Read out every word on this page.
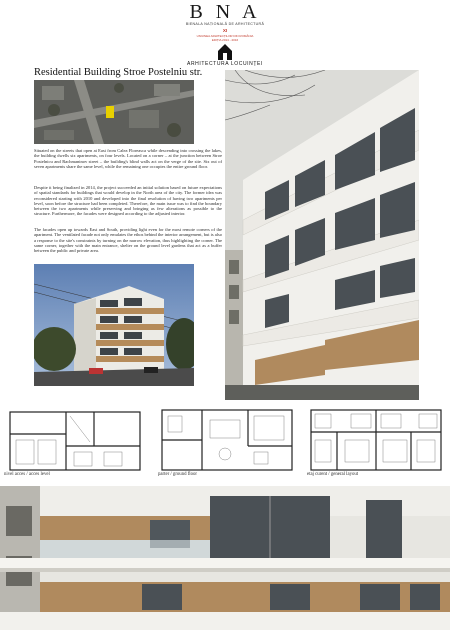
B N A
BIENALA NAȚIONALĂ DE ARHITECTURĂ
XI
UNIUNEA ARHITECȚILOR DIN ROMÂNIA
EDIȚIA 2014 - 2016
ARHITECTURA LOCUINȚEI
Residential Building Stroe Postelniu str.
Situated on the streets that open at East from Calea Floreasca while descending into crossing the lakes, the building dwells six apartments, on four levels. Located on a corner – at the junction between Stroe Postelnicu and Rachmaninov street – the building's blind walls act on the verge of the site. Six out of seven apartments share the same level, while the remaining one occupies the entire ground floor.
Despite it being finalized in 2014, the project succeeded an initial solution based on future expectations of spatial standards for buildings that would develop in the North area of the city. The former idea was reconsidered starting with 2010 and developed into the final resolution of having two apartments per level, soon before the structure had been completed. Therefore, the main issue was to find the boundary between the two apartments while preserving and bringing as few alterations as possible to the structure. Furthermore, the facades were designed according to the adjusted interior.
The facades open up towards East and South, providing light even for the most remote corners of the apartment. The ventilated facade not only emulates the ethos behind the interior arrangement, but is also a response to the site's constraints by turning on the narrow elevation, thus highlighting the corner. The same corner, together with the main entrance, shelter on the ground level gardens that act as a buffer between the public and private area.
nivel acces / acces level	parter / ground floor	etaj curent / general layout
